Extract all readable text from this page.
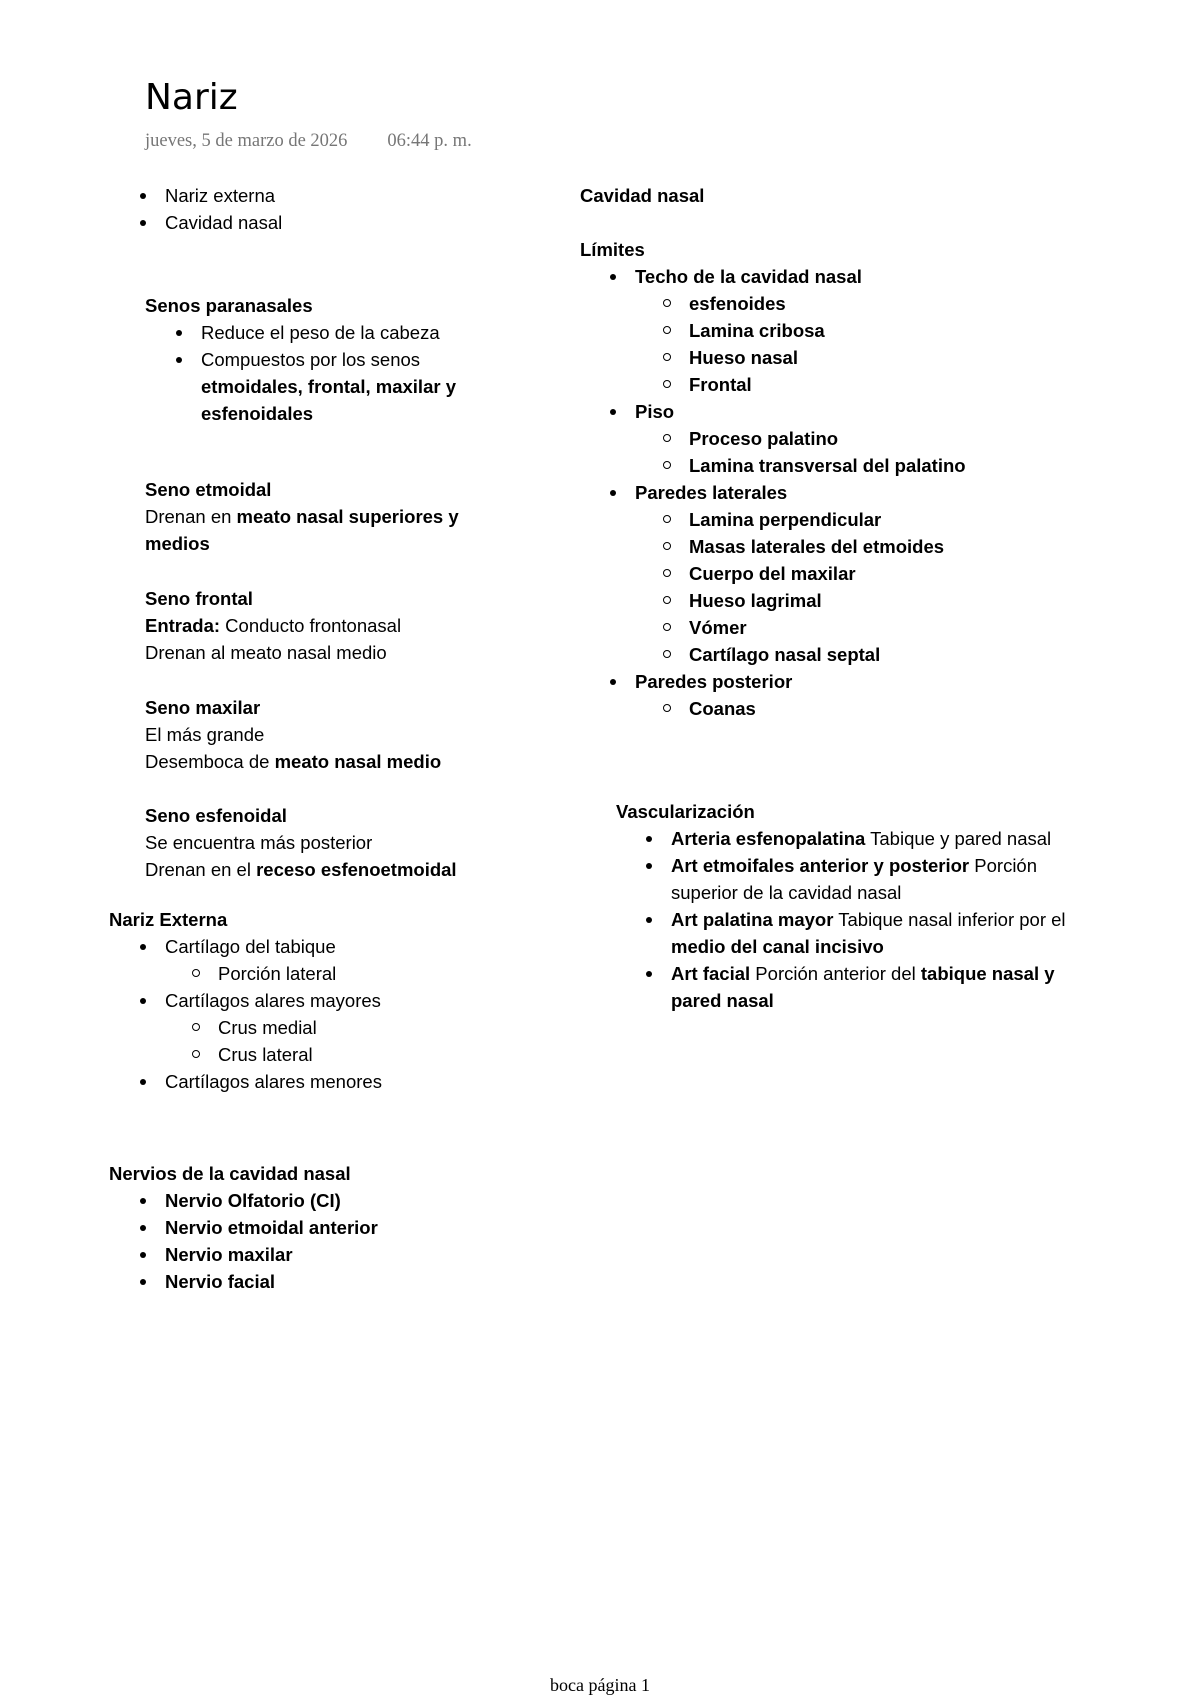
Nariz
jueves, 5 de marzo de 2026 06:44 p. m.
Nariz externa
Cavidad nasal
Senos paranasales
Reduce el peso de la cabeza
Compuestos por los senos
etmoidales, frontal, maxilar y
esfenoidales
Seno etmoidal
Drenan en meato nasal superiores y
medios
Seno frontal
Entrada: Conducto frontonasal
Drenan al meato nasal medio
Seno maxilar
El más grande
Desemboca de meato nasal medio
Seno esfenoidal
Se encuentra más posterior
Drenan en el receso esfenoetmoidal
Nariz Externa
Cartílago del tabique
Porción lateral
Cartílagos alares mayores
Crus medial
Crus lateral
Cartílagos alares menores
Nervios de la cavidad nasal
Nervio Olfatorio (CI)
Nervio etmoidal anterior
Nervio maxilar
Nervio facial
Cavidad nasal
Límites
Techo de la cavidad nasal
esfenoides
Lamina cribosa
Hueso nasal
Frontal
Piso
Proceso palatino
Lamina transversal del palatino
Paredes laterales
Lamina perpendicular
Masas laterales del etmoides
Cuerpo del maxilar
Hueso lagrimal
Vómer
Cartílago nasal septal
Paredes posterior
Coanas
Vascularización
Arteria esfenopalatina Tabique y pared nasal
Art etmoifales anterior y posterior Porción
superior de la cavidad nasal
Art palatina mayor Tabique nasal inferior por el
medio del canal incisivo
Art facial Porción anterior del tabique nasal y
pared nasal
boca página 1
